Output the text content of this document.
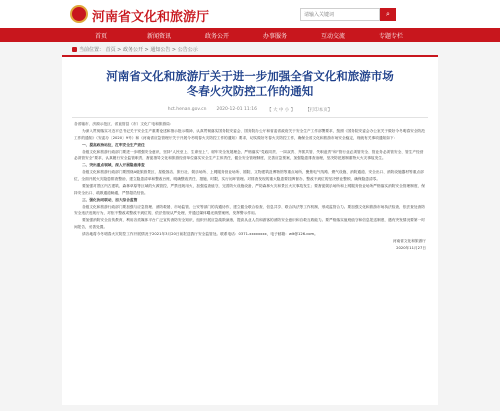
河南省文化和旅游厅
请输入关键词	⌕
首页	新闻资讯	政务公开	办事服务	互动交流	专题专栏
当前位置： 首页 > 政务公开 > 通知公告 > 公告公示
河南省文化和旅游厅关于进一步加强全省文化和旅游市场
冬春火灾防控工作的通知
hct.henan.gov.cn 2020-12-01 11:16 【 大 中 小 】 【打印本页】

各省辖市、济源示范区、省直管县（市）文化广电和旅游局：

为深入贯彻落实习近平总书记关于安全生产重要论述和指示批示精神，认真贯彻落实国务院安委会、国务院办公厅和省委省政府关于安全生产工作部署要求，按照《国务院安委会办公室关于做好今冬明春安全防范工作的通知》（安委办〔2020〕9号）和《河南省应急管理厅关于开展今冬明春火灾防控工作的通知》要求，切实做好冬春火灾防控工作，确保全省文化和旅游市场安全稳定，现就有关事项通知如下：

一、提高政治站位，扛牢安全生产责任

各级文化和旅游行政部门要进一步增强安全意识，坚持“人民至上、生命至上”，树牢安全发展理念，严格落实“党政同责、一岗双责、齐抓共管、失职追责”和“管行业必须管安全、管业务必须管安全、管生产经营必须管安全”要求，认真履行安全监管职责，督促指导文化和旅游经营单位落实安全生产主体责任，健全安全管理制度，完善应急预案，加强隐患排查治理，坚决防范遏制重特大火灾事故发生。

二、突出重点领域，深入开展隐患排查

各级文化和旅游行政部门要围绕A级旅游景区、星级饭店、旅行社、娱乐场所、上网服务营业场所、剧院、文物建筑及博物馆等重点场所，聚焦电气线路、燃气设施、消防通道、安全出口、消防设施器材等重点部位，全面开展火灾隐患排查整治，建立隐患清单和整改台账，明确整改责任、措施、时限，实行闭环管理。对排查发现的重大隐患要挂牌督办，整改不到位的坚决停业整顿，确保隐患清零。

要加强对景区内古建筑、森林草原等区域的火源管控，严禁违规用火，加强巡查值守，完善防火设施设备，严防森林火灾和景区火灾事故发生；要督促娱乐场所和上网服务营业场所严格落实消防安全管理制度，保持安全出口、疏散通道畅通，严禁超员经营。

三、强化协同联动，加大综合监管

各级文化和旅游行政部门要加强与应急管理、消防救援、市场监管、公安等部门的沟通协作，建立健全联合检查、信息共享、联合执法等工作机制，形成监管合力。要加强文化和旅游市场执法检查，依法查处消防安全违法违规行为，对拒不整改或整改不到位的，依法依规从严处理，并通过媒体曝光典型案例，发挥警示作用。

要加强消防安全宣传教育，利用各类媒体平台广泛宣传消防安全知识，组织开展应急疏散演练，提高从业人员和游客的消防安全意识和自救互救能力。要严格落实值班值守和信息报送制度，遇有突发情况要第一时间报告，妥善处置。

请各地将今冬明春火灾防控工作开展情况于2021年3月20日前报送我厅安全监管处。联系电话：0371-xxxxxxxx，电子邮箱：wlt@126.com。

河南省文化和旅游厅

2020年11月27日
